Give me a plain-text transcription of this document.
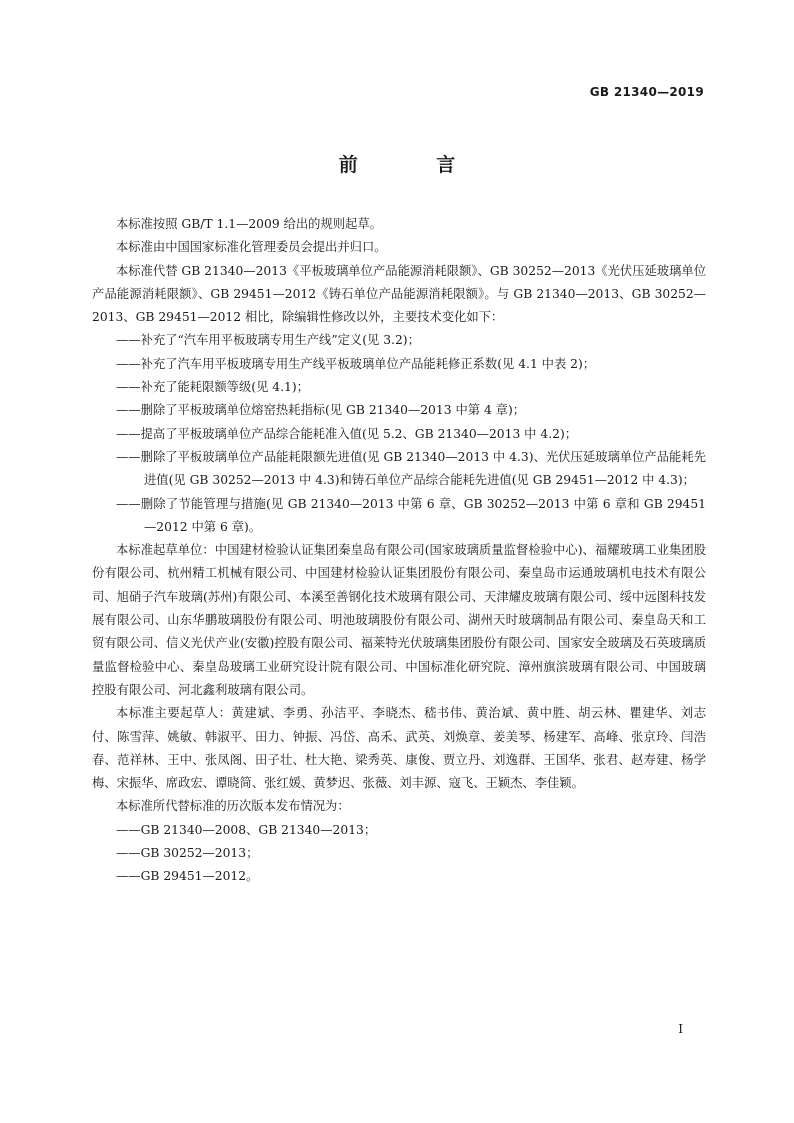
GB 21340—2019
前 言

本标准按照 GB/T 1.1—2009 给出的规则起草。

本标准由中国国家标准化管理委员会提出并归口。

本标准代替 GB 21340—2013《平板玻璃单位产品能源消耗限额》、GB 30252—2013《光伏压延玻璃单位产品能源消耗限额》、GB 29451—2012《铸石单位产品能源消耗限额》。与 GB 21340—2013、GB 30252—2013、GB 29451—2012 相比，除编辑性修改以外，主要技术变化如下：

——补充了“汽车用平板玻璃专用生产线”定义(见 3.2)；

——补充了汽车用平板玻璃专用生产线平板玻璃单位产品能耗修正系数(见 4.1 中表 2)；

——补充了能耗限额等级(见 4.1)；

——删除了平板玻璃单位熔窑热耗指标(见 GB 21340—2013 中第 4 章)；

——提高了平板玻璃单位产品综合能耗准入值(见 5.2、GB 21340—2013 中 4.2)；

——删除了平板玻璃单位产品能耗限额先进值(见 GB 21340—2013 中 4.3)、光伏压延玻璃单位产品能耗先进值(见 GB 30252—2013 中 4.3)和铸石单位产品综合能耗先进值(见 GB 29451—2012 中 4.3)；

——删除了节能管理与措施(见 GB 21340—2013 中第 6 章、GB 30252—2013 中第 6 章和 GB 29451—2012 中第 6 章)。

本标准起草单位：中国建材检验认证集团秦皇岛有限公司(国家玻璃质量监督检验中心)、福耀玻璃工业集团股份有限公司、杭州精工机械有限公司、中国建材检验认证集团股份有限公司、秦皇岛市运通玻璃机电技术有限公司、旭硝子汽车玻璃(苏州)有限公司、本溪至善钢化技术玻璃有限公司、天津耀皮玻璃有限公司、绥中远图科技发展有限公司、山东华鹏玻璃股份有限公司、明池玻璃股份有限公司、湖州天时玻璃制品有限公司、秦皇岛天和工贸有限公司、信义光伏产业(安徽)控股有限公司、福莱特光伏玻璃集团股份有限公司、国家安全玻璃及石英玻璃质量监督检验中心、秦皇岛玻璃工业研究设计院有限公司、中国标准化研究院、漳州旗滨玻璃有限公司、中国玻璃控股有限公司、河北鑫利玻璃有限公司。

本标准主要起草人：黄建斌、李勇、孙洁平、李晓杰、嵇书伟、黄治斌、黄中胜、胡云林、瞿建华、刘志付、陈雪萍、姚敏、韩淑平、田力、钟振、冯岱、高禾、武英、刘焕章、姜美琴、杨建军、高峰、张京玲、闫浩春、范祥林、王中、张凤阁、田子壮、杜大艳、梁秀英、康俊、贾立丹、刘逸群、王国华、张君、赵寿建、杨学梅、宋振华、席政宏、谭晓简、张红媛、黄梦迟、张薇、刘丰源、寇飞、王颖杰、李佳颖。

本标准所代替标准的历次版本发布情况为：

——GB 21340—2008、GB 21340—2013；

——GB 30252—2013；

——GB 29451—2012。

I
